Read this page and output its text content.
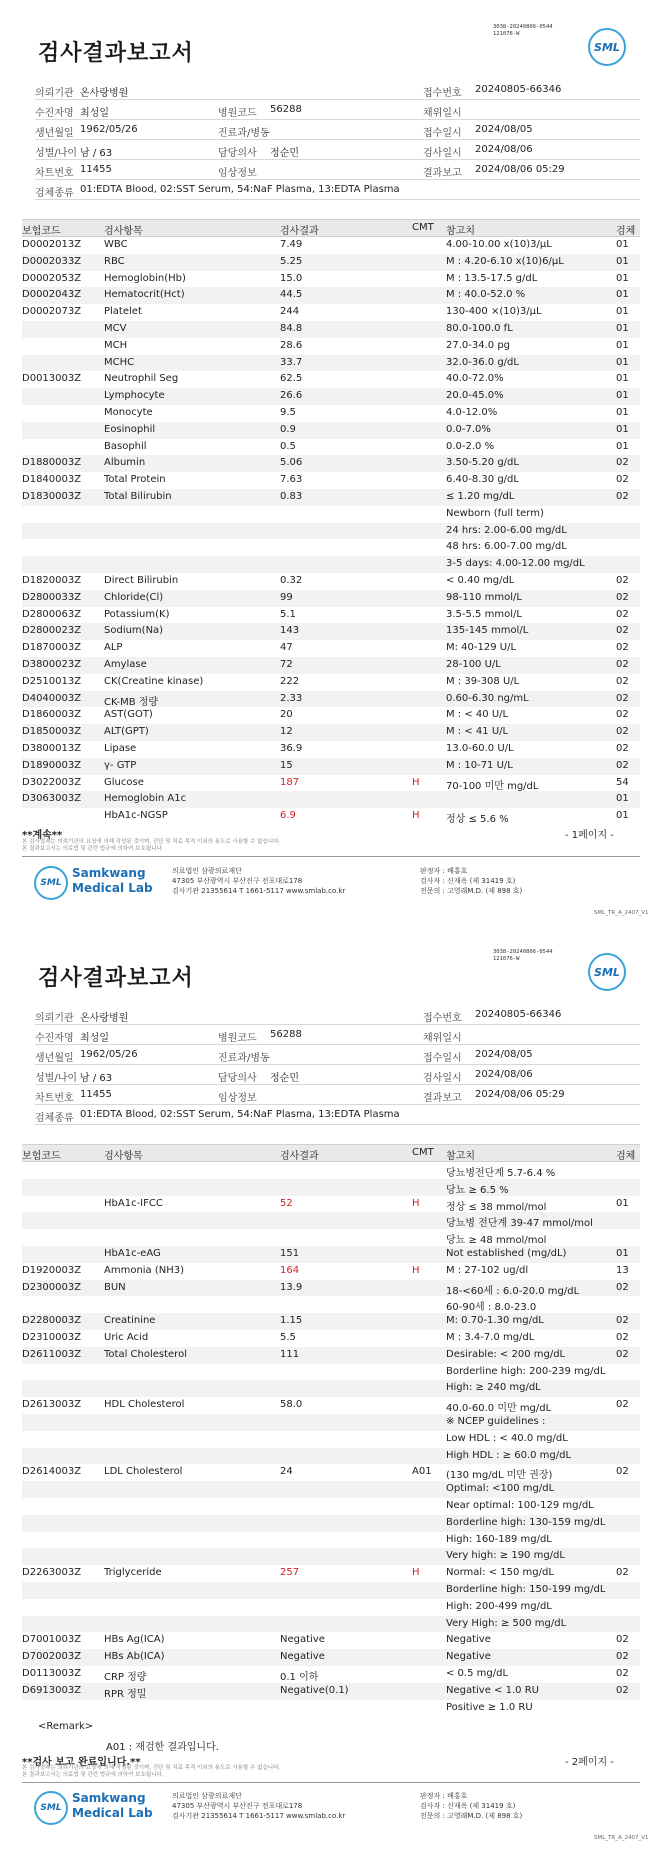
3038-20240806-0544
121076-W
검사결과보고서	SML
의뢰기관 온사랑병원	접수번호 20240805-66346
수진자명 최성일	병원코드 56288	채위일시
생년월일 1962/05/26	진료과/병동	접수일시 2024/08/05
성별/나이 남 / 63	담당의사 정순민	검사일시 2024/08/06
차트번호 11455	임상정보	결과보고 2024/08/06 05:29
검체종류 01:EDTA Blood, 02:SST Serum, 54:NaF Plasma, 13:EDTA Plasma
보험코드	검사항목	검사결과	CMT 참고치	검체
D0002013Z WBC	7.49	4.00-10.00 x(10)3/μL	01
D0002033Z RBC	5.25	M : 4.20-6.10 x(10)6/μL	01
D0002053Z Hemoglobin(Hb)	15.0	M : 13.5-17.5 g/dL	01
D0002043Z Hematocrit(Hct)	44.5	M : 40.0-52.0 %	01
D0002073Z Platelet	244	130-400 ×(10)3/μL	01
MCV	84.8	80.0-100.0 fL	01
MCH	28.6	27.0-34.0 pg	01
MCHC	33.7	32.0-36.0 g/dL	01
D0013003Z Neutrophil Seg	62.5	40.0-72.0%	01
Lymphocyte	26.6	20.0-45.0%	01
Monocyte	9.5	4.0-12.0%	01
Eosinophil	0.9	0.0-7.0%	01
Basophil	0.5	0.0-2.0 %	01
D1880003Z Albumin	5.06	3.50-5.20 g/dL	02
D1840003Z Total Protein	7.63	6.40-8.30 g/dL	02
D1830003Z Total Bilirubin	0.83	≤ 1.20 mg/dL	02
Newborn (full term)
24 hrs: 2.00-6.00 mg/dL
48 hrs: 6.00-7.00 mg/dL
3-5 days: 4.00-12.00 mg/dL
D1820003Z Direct Bilirubin	0.32	< 0.40 mg/dL	02
D2800033Z Chloride(Cl)	99	98-110 mmol/L	02
D2800063Z Potassium(K)	5.1	3.5-5.5 mmol/L	02
D2800023Z Sodium(Na)	143	135-145 mmol/L	02
D1870003Z ALP	47	M: 40-129 U/L	02
D3800023Z Amylase	72	28-100 U/L	02
D2510013Z CK(Creatine kinase)	222	M : 39-308 U/L	02
D4040003Z CK-MB 정량	2.33	0.60-6.30 ng/mL	02
D1860003Z AST(GOT)	20	M : < 40 U/L	02
D1850003Z ALT(GPT)	12	M : < 41 U/L	02
D3800013Z Lipase	36.9	13.0-60.0 U/L	02
D1890003Z γ- GTP	15	M : 10-71 U/L	02
D3022003Z Glucose	187	H	70-100 미만 mg/dL	54
D3063003Z Hemoglobin A1c	01
HbA1c-NGSP	6.9	H	정상 ≤ 5.6 %	01
**계속**	- 1페이지 -
본 검사결과는 의뢰기관의 요청에 의해 작성된 것이며, 진단 및 치료 목적 이외의 용도로 사용할 수 없습니다.
본 결과보고서는 의료법 및 관련 법규에 의하여 보호됩니다.
SML
Samkwang
Medical Lab
의료법인 삼광의료재단
47305 부산광역시 부산진구 전포대로178
검사기관 21355614 T 1661-5117 www.smlab.co.kr
판정자 : 배홍호
검사자 : 신재옥 (제 31419 호)
전문의 : 고영래M.D. (제 898 호)
SML_TR_A_2407_V1
3038-20240806-0544
121076-W
검사결과보고서	SML
의뢰기관 온사랑병원	접수번호 20240805-66346
수진자명 최성일	병원코드 56288	채위일시
생년월일 1962/05/26	진료과/병동	접수일시 2024/08/05
성별/나이 남 / 63	담당의사 정순민	검사일시 2024/08/06
차트번호 11455	임상정보	결과보고 2024/08/06 05:29
검체종류 01:EDTA Blood, 02:SST Serum, 54:NaF Plasma, 13:EDTA Plasma
보험코드	검사항목	검사결과	CMT 참고치	검체
당뇨병전단계 5.7-6.4 %
당뇨 ≥ 6.5 %
HbA1c-IFCC	52	H	정상 ≤ 38 mmol/mol	01
당뇨병 전단계 39-47 mmol/mol
당뇨 ≥ 48 mmol/mol
HbA1c-eAG	151	Not established (mg/dL)	01
D1920003Z Ammonia (NH3)	164	H	M : 27-102 ug/dl	13
D2300003Z BUN	13.9	18-<60세 : 6.0-20.0 mg/dL	02
60-90세 : 8.0-23.0
D2280003Z Creatinine	1.15	M: 0.70-1.30 mg/dL	02
D2310003Z Uric Acid	5.5	M : 3.4-7.0 mg/dL	02
D2611003Z Total Cholesterol	111	Desirable: < 200 mg/dL	02
Borderline high: 200-239 mg/dL
High: ≥ 240 mg/dL
D2613003Z HDL Cholesterol	58.0	40.0-60.0 미만 mg/dL	02
※ NCEP guidelines :
Low HDL : < 40.0 mg/dL
High HDL : ≥ 60.0 mg/dL
D2614003Z LDL Cholesterol	24	A01 (130 mg/dL 미만 권장)	02
Optimal: <100 mg/dL
Near optimal: 100-129 mg/dL
Borderline high: 130-159 mg/dL
High: 160-189 mg/dL
Very high: ≥ 190 mg/dL
D2263003Z Triglyceride	257	H	Normal: < 150 mg/dL	02
Borderline high: 150-199 mg/dL
High: 200-499 mg/dL
Very High: ≥ 500 mg/dL
D7001003Z HBs Ag(ICA)	Negative	Negative	02
D7002003Z HBs Ab(ICA)	Negative	Negative	02
D0113003Z CRP 정량	0.1 이하	< 0.5 mg/dL	02
D6913003Z RPR 정밀	Negative(0.1)	Negative < 1.0 RU	02
Positive ≥ 1.0 RU
<Remark>
A01 : 재검한 결과입니다.
**검사 보고 완료입니다.**	- 2페이지 -
본 검사결과는 의뢰기관의 요청에 의해 작성된 것이며, 진단 및 치료 목적 이외의 용도로 사용할 수 없습니다.
본 결과보고서는 의료법 및 관련 법규에 의하여 보호됩니다.
SML
Samkwang
Medical Lab
의료법인 삼광의료재단
47305 부산광역시 부산진구 전포대로178
검사기관 21355614 T 1661-5117 www.smlab.co.kr
판정자 : 배홍호
검사자 : 신재옥 (제 31419 호)
전문의 : 고영래M.D. (제 898 호)
SML_TR_A_2407_V1
